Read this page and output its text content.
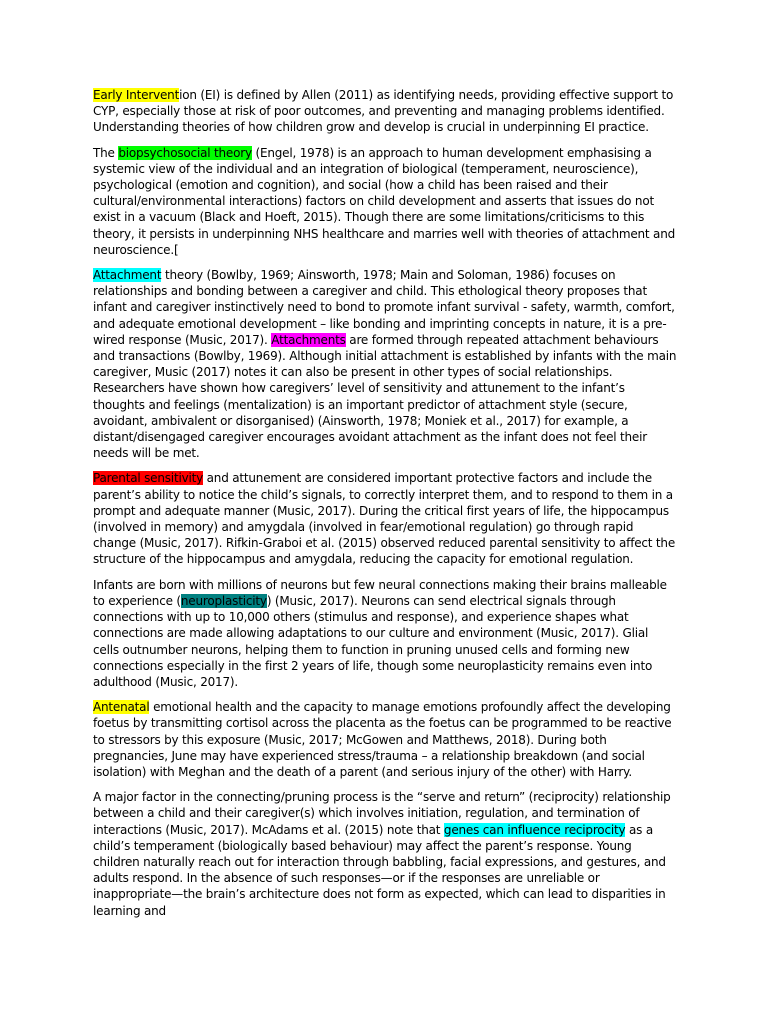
Early Intervention (EI) is defined by Allen (2011) as identifying needs, providing effective support to CYP, especially those at risk of poor outcomes, and preventing and managing problems identified. Understanding theories of how children grow and develop is crucial in underpinning EI practice.

The biopsychosocial theory (Engel, 1978) is an approach to human development emphasising a systemic view of the individual and an integration of biological (temperament, neuroscience), psychological (emotion and cognition), and social (how a child has been raised and their cultural/environmental interactions) factors on child development and asserts that issues do not exist in a vacuum (Black and Hoeft, 2015). Though there are some limitations/criticisms to this theory, it persists in underpinning NHS healthcare and marries well with theories of attachment and neuroscience.[

Attachment theory (Bowlby, 1969; Ainsworth, 1978; Main and Soloman, 1986) focuses on relationships and bonding between a caregiver and child. This ethological theory proposes that infant and caregiver instinctively need to bond to promote infant survival - safety, warmth, comfort, and adequate emotional development – like bonding and imprinting concepts in nature, it is a pre-wired response (Music, 2017). Attachments are formed through repeated attachment behaviours and transactions (Bowlby, 1969). Although initial attachment is established by infants with the main caregiver, Music (2017) notes it can also be present in other types of social relationships. Researchers have shown how caregivers’ level of sensitivity and attunement to the infant’s thoughts and feelings (mentalization) is an important predictor of attachment style (secure, avoidant, ambivalent or disorganised) (Ainsworth, 1978; Moniek et al., 2017) for example, a distant/disengaged caregiver encourages avoidant attachment as the infant does not feel their needs will be met.

Parental sensitivity and attunement are considered important protective factors and include the parent’s ability to notice the child’s signals, to correctly interpret them, and to respond to them in a prompt and adequate manner (Music, 2017). During the critical first years of life, the hippocampus (involved in memory) and amygdala (involved in fear/emotional regulation) go through rapid change (Music, 2017). Rifkin-Graboi et al. (2015) observed reduced parental sensitivity to affect the structure of the hippocampus and amygdala, reducing the capacity for emotional regulation.

Infants are born with millions of neurons but few neural connections making their brains malleable to experience (neuroplasticity) (Music, 2017). Neurons can send electrical signals through connections with up to 10,000 others (stimulus and response), and experience shapes what connections are made allowing adaptations to our culture and environment (Music, 2017). Glial cells outnumber neurons, helping them to function in pruning unused cells and forming new connections especially in the first 2 years of life, though some neuroplasticity remains even into adulthood (Music, 2017).

Antenatal emotional health and the capacity to manage emotions profoundly affect the developing foetus by transmitting cortisol across the placenta as the foetus can be programmed to be reactive to stressors by this exposure (Music, 2017; McGowen and Matthews, 2018). During both pregnancies, June may have experienced stress/trauma – a relationship breakdown (and social isolation) with Meghan and the death of a parent (and serious injury of the other) with Harry.

A major factor in the connecting/pruning process is the “serve and return” (reciprocity) relationship between a child and their caregiver(s) which involves initiation, regulation, and termination of interactions (Music, 2017). McAdams et al. (2015) note that genes can influence reciprocity as a child’s temperament (biologically based behaviour) may affect the parent’s response. Young children naturally reach out for interaction through babbling, facial expressions, and gestures, and adults respond. In the absence of such responses—or if the responses are unreliable or inappropriate—the brain’s architecture does not form as expected, which can lead to disparities in learning and
